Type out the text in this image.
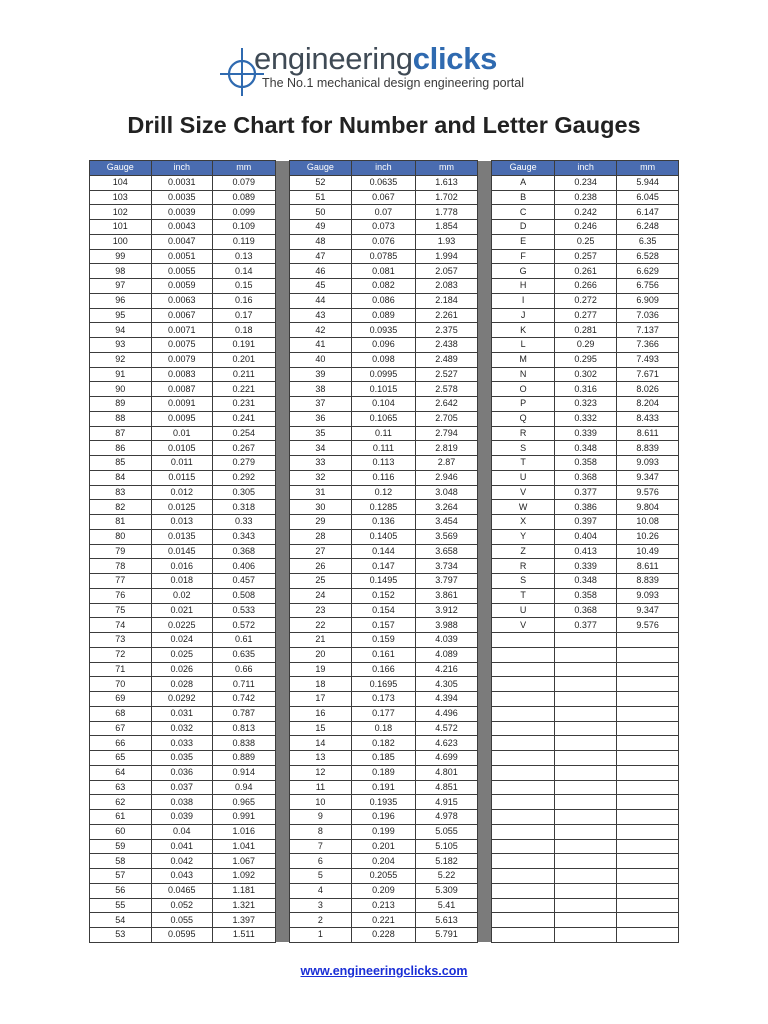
engineeringclicks
The No.1 mechanical design engineering portal
Drill Size Chart for Number and Letter Gauges
Gauge	inch	mm		Gauge	inch	mm		Gauge	inch	mm
104	0.0031	0.079		52	0.0635	1.613		A	0.234	5.944
103	0.0035	0.089		51	0.067	1.702		B	0.238	6.045
102	0.0039	0.099		50	0.07	1.778		C	0.242	6.147
101	0.0043	0.109		49	0.073	1.854		D	0.246	6.248
100	0.0047	0.119		48	0.076	1.93		E	0.25	6.35
99	0.0051	0.13		47	0.0785	1.994		F	0.257	6.528
98	0.0055	0.14		46	0.081	2.057		G	0.261	6.629
97	0.0059	0.15		45	0.082	2.083		H	0.266	6.756
96	0.0063	0.16		44	0.086	2.184		I	0.272	6.909
95	0.0067	0.17		43	0.089	2.261		J	0.277	7.036
94	0.0071	0.18		42	0.0935	2.375		K	0.281	7.137
93	0.0075	0.191		41	0.096	2.438		L	0.29	7.366
92	0.0079	0.201		40	0.098	2.489		M	0.295	7.493
91	0.0083	0.211		39	0.0995	2.527		N	0.302	7.671
90	0.0087	0.221		38	0.1015	2.578		O	0.316	8.026
89	0.0091	0.231		37	0.104	2.642		P	0.323	8.204
88	0.0095	0.241		36	0.1065	2.705		Q	0.332	8.433
87	0.01	0.254		35	0.11	2.794		R	0.339	8.611
86	0.0105	0.267		34	0.111	2.819		S	0.348	8.839
85	0.011	0.279		33	0.113	2.87		T	0.358	9.093
84	0.0115	0.292		32	0.116	2.946		U	0.368	9.347
83	0.012	0.305		31	0.12	3.048		V	0.377	9.576
82	0.0125	0.318		30	0.1285	3.264		W	0.386	9.804
81	0.013	0.33		29	0.136	3.454		X	0.397	10.08
80	0.0135	0.343		28	0.1405	3.569		Y	0.404	10.26
79	0.0145	0.368		27	0.144	3.658		Z	0.413	10.49
78	0.016	0.406		26	0.147	3.734		R	0.339	8.611
77	0.018	0.457		25	0.1495	3.797		S	0.348	8.839
76	0.02	0.508		24	0.152	3.861		T	0.358	9.093
75	0.021	0.533		23	0.154	3.912		U	0.368	9.347
74	0.0225	0.572		22	0.157	3.988		V	0.377	9.576
73	0.024	0.61		21	0.159	4.039				
72	0.025	0.635		20	0.161	4.089				
71	0.026	0.66		19	0.166	4.216				
70	0.028	0.711		18	0.1695	4.305				
69	0.0292	0.742		17	0.173	4.394				
68	0.031	0.787		16	0.177	4.496				
67	0.032	0.813		15	0.18	4.572				
66	0.033	0.838		14	0.182	4.623				
65	0.035	0.889		13	0.185	4.699				
64	0.036	0.914		12	0.189	4.801				
63	0.037	0.94		11	0.191	4.851				
62	0.038	0.965		10	0.1935	4.915				
61	0.039	0.991		9	0.196	4.978				
60	0.04	1.016		8	0.199	5.055				
59	0.041	1.041		7	0.201	5.105				
58	0.042	1.067		6	0.204	5.182				
57	0.043	1.092		5	0.2055	5.22				
56	0.0465	1.181		4	0.209	5.309				
55	0.052	1.321		3	0.213	5.41				
54	0.055	1.397		2	0.221	5.613				
53	0.0595	1.511		1	0.228	5.791				
www.engineeringclicks.com
